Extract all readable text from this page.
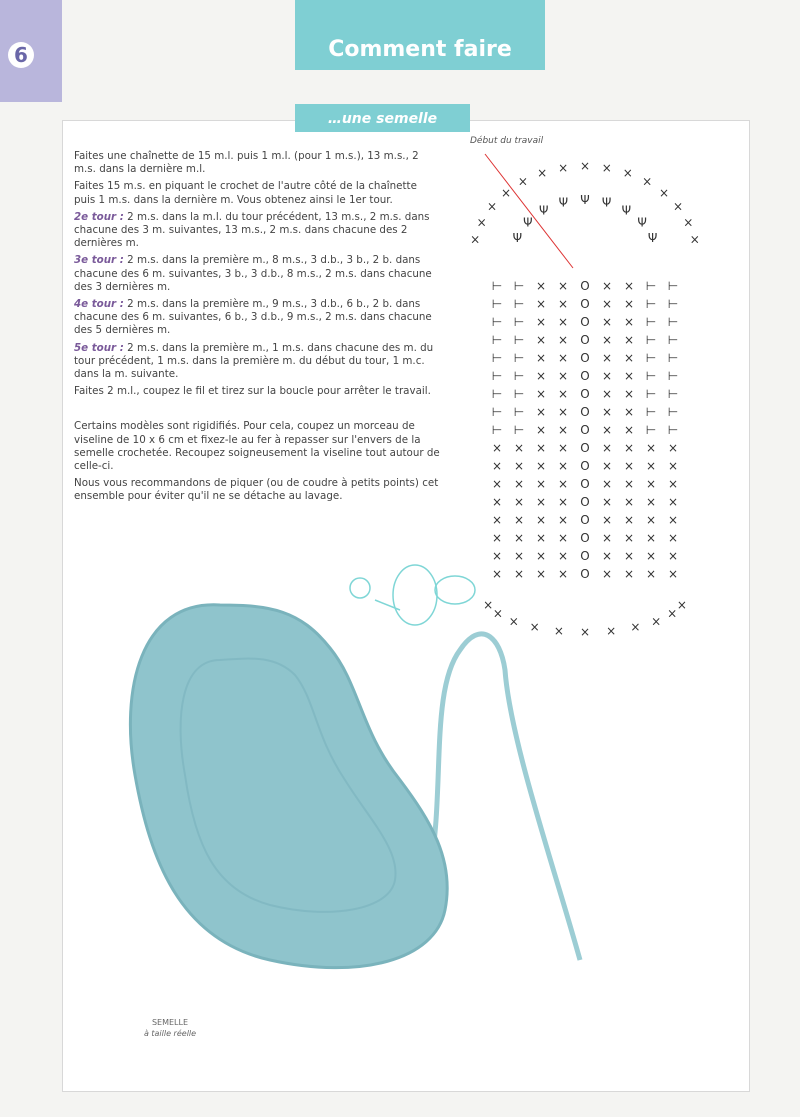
6	Comment faire
…une semelle

Faites une chaînette de 15 m.l. puis 1 m.l. (pour 1 m.s.), 13 m.s., 2 m.s. dans la dernière m.l.

Faites 15 m.s. en piquant le crochet de l'autre côté de la chaînette puis 1 m.s. dans la dernière m. Vous obtenez ainsi le 1er tour.

2e tour : 2 m.s. dans la m.l. du tour précédent, 13 m.s., 2 m.s. dans chacune des 3 m. suivantes, 13 m.s., 2 m.s. dans chacune des 2 dernières m.

3e tour : 2 m.s. dans la première m., 8 m.s., 3 d.b., 3 b., 2 b. dans chacune des 6 m. suivantes, 3 b., 3 d.b., 8 m.s., 2 m.s. dans chacune des 3 dernières m.

4e tour : 2 m.s. dans la première m., 9 m.s., 3 d.b., 6 b., 2 b. dans chacune des 6 m. suivantes, 6 b., 3 d.b., 9 m.s., 2 m.s. dans chacune des 5 dernières m.

5e tour : 2 m.s. dans la première m., 1 m.s. dans chacune des m. du tour précédent, 1 m.s. dans la première m. du début du tour, 1 m.c. dans la m. suivante.

Faites 2 m.l., coupez le fil et tirez sur la boucle pour arrêter le travail.

Certains modèles sont rigidifiés. Pour cela, coupez un morceau de viseline de 10 x 6 cm et fixez-le au fer à repasser sur l'envers de la semelle crochetée. Recoupez soigneusement la viseline tout autour de celle-ci.

Nous vous recommandons de piquer (ou de coudre à petits points) cet ensemble pour éviter qu'il ne se détache au lavage.

⊢ ⊢ × × O × × ⊢ ⊢
⊢ ⊢ × × O × × ⊢ ⊢
⊢ ⊢ × × O × × ⊢ ⊢
⊢ ⊢ × × O × × ⊢ ⊢
⊢ ⊢ × × O × × ⊢ ⊢
⊢ ⊢ × × O × × ⊢ ⊢
⊢ ⊢ × × O × × ⊢ ⊢
⊢ ⊢ × × O × × ⊢ ⊢
⊢ ⊢ × × O × × ⊢ ⊢
× × × × O × × × ×
× × × × O × × × ×
× × × × O × × × ×
× × × × O × × × ×
× × × × O × × × ×
× × × × O × × × ×
× × × × O × × × ×
× × × × O × × × ×
×
×
×
×
×
× × × × ×
×
×
×
×
×
Ψ
Ψ
Ψ
Ψ Ψ Ψ
Ψ
Ψ
Ψ
×
×
×
×
×
×
×
×
×
×
×
Début du travail
SEMELLE
à taille réelle
